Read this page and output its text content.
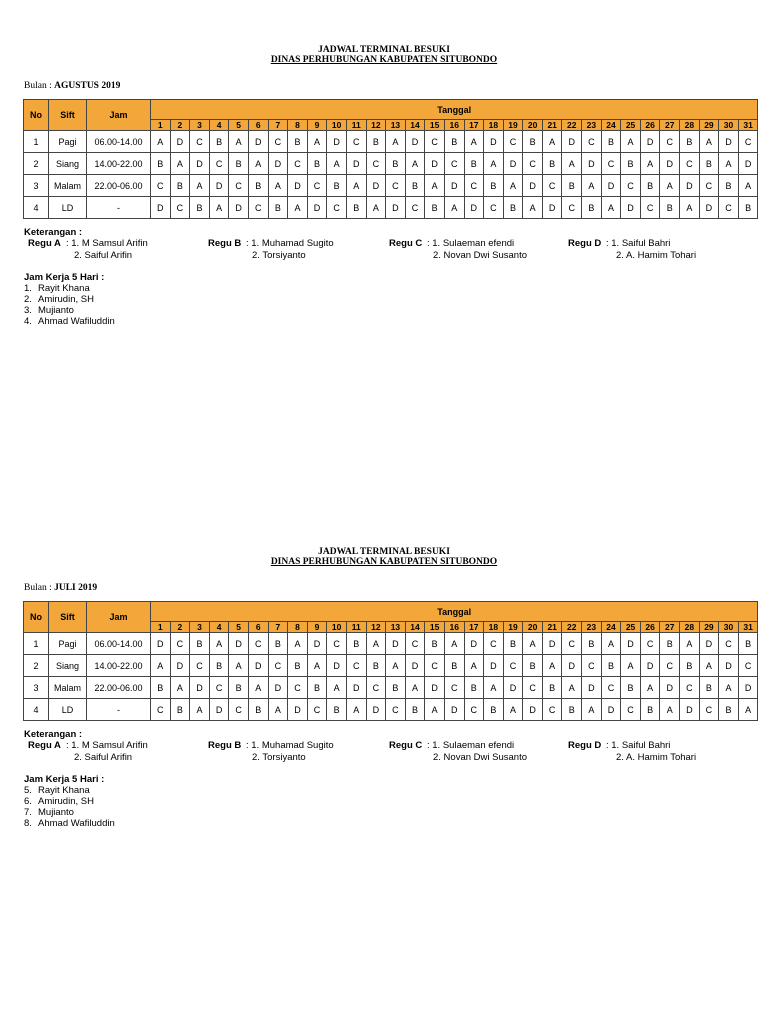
JADWAL TERMINAL BESUKI
DINAS PERHUBUNGAN KABUPATEN SITUBONDO
Bulan : AGUSTUS 2019
No	Sift	Jam	Tanggal																														
			1	2	3	4	5	6	7	8	9	10	11	12	13	14	15	16	17	18	19	20	21	22	23	24	25	26	27	28	29	30	31
1	Pagi	06.00-14.00	A	D	C	B	A	D	C	B	A	D	C	B	A	D	C	B	A	D	C	B	A	D	C	B	A	D	C	B	A	D	C
2	Siang	14.00-22.00	B	A	D	C	B	A	D	C	B	A	D	C	B	A	D	C	B	A	D	C	B	A	D	C	B	A	D	C	B	A	D
3	Malam	22.00-06.00	C	B	A	D	C	B	A	D	C	B	A	D	C	B	A	D	C	B	A	D	C	B	A	D	C	B	A	D	C	B	A
4	LD	-	D	C	B	A	D	C	B	A	D	C	B	A	D	C	B	A	D	C	B	A	D	C	B	A	D	C	B	A	D	C	B
Keterangan :
Regu A : 1. M Samsul Arifin
2. Saiful Arifin
Regu B : 1. Muhamad Sugito
2. Torsiyanto
Regu C : 1. Sulaeman efendi
2. Novan Dwi Susanto
Regu D : 1. Saiful Bahri
2. A. Hamim Tohari
Jam Kerja 5 Hari :
1. Rayit Khana
2. Amirudin, SH
3. Mujianto
4. Ahmad Wafiluddin
JADWAL TERMINAL BESUKI
DINAS PERHUBUNGAN KABUPATEN SITUBONDO
Bulan : JULI 2019
No	Sift	Jam	Tanggal																														
			1	2	3	4	5	6	7	8	9	10	11	12	13	14	15	16	17	18	19	20	21	22	23	24	25	26	27	28	29	30	31
1	Pagi	06.00-14.00	D	C	B	A	D	C	B	A	D	C	B	A	D	C	B	A	D	C	B	A	D	C	B	A	D	C	B	A	D	C	B
2	Siang	14.00-22.00	A	D	C	B	A	D	C	B	A	D	C	B	A	D	C	B	A	D	C	B	A	D	C	B	A	D	C	B	A	D	C
3	Malam	22.00-06.00	B	A	D	C	B	A	D	C	B	A	D	C	B	A	D	C	B	A	D	C	B	A	D	C	B	A	D	C	B	A	D
4	LD	-	C	B	A	D	C	B	A	D	C	B	A	D	C	B	A	D	C	B	A	D	C	B	A	D	C	B	A	D	C	B	A
Keterangan :
Regu A : 1. M Samsul Arifin
2. Saiful Arifin
Regu B : 1. Muhamad Sugito
2. Torsiyanto
Regu C : 1. Sulaeman efendi
2. Novan Dwi Susanto
Regu D : 1. Saiful Bahri
2. A. Hamim Tohari
Jam Kerja 5 Hari :
5. Rayit Khana
6. Amirudin, SH
7. Mujianto
8. Ahmad Wafiluddin
